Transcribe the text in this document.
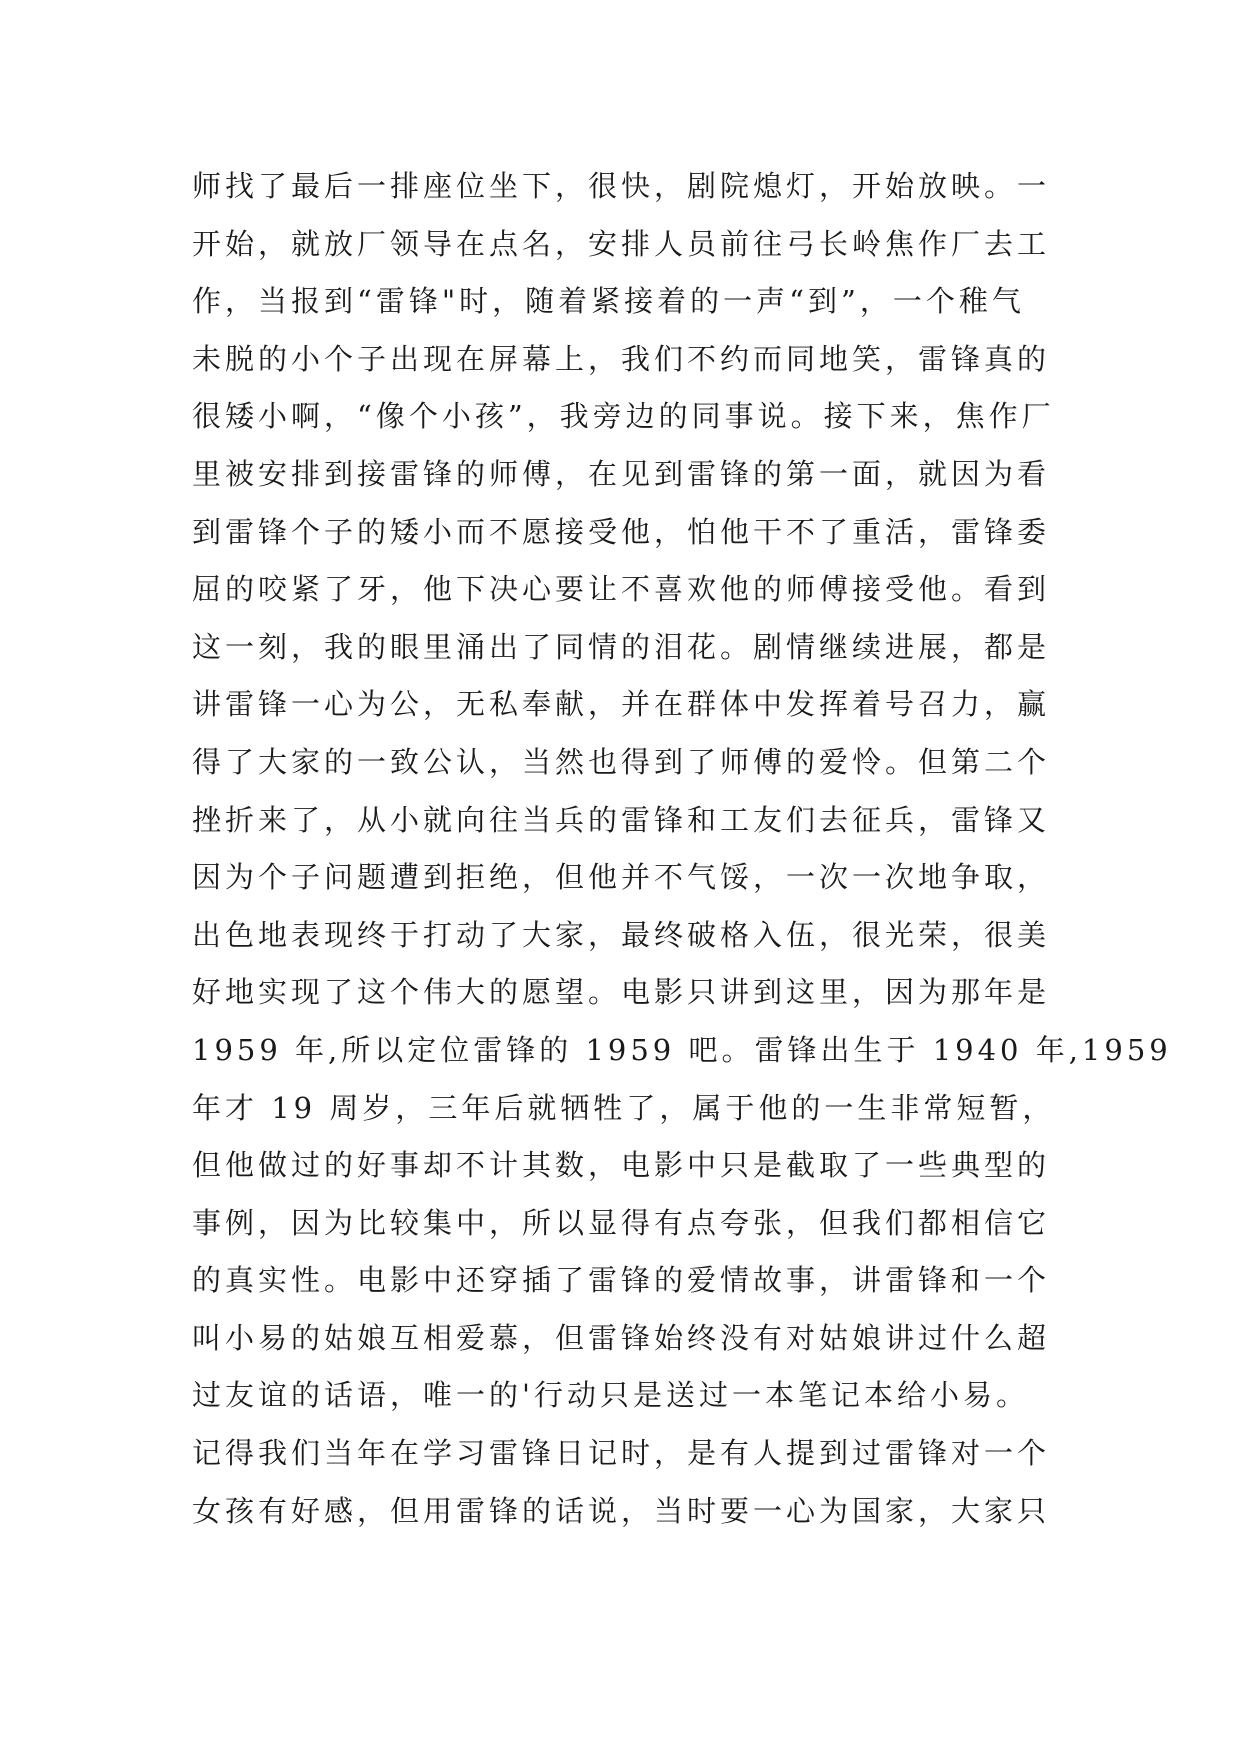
师找了最后一排座位坐下，很快，剧院熄灯，开始放映。一
开始，就放厂领导在点名，安排人员前往弓长岭焦作厂去工
作，当报到“雷锋"时，随着紧接着的一声“到”，一个稚气
未脱的小个子出现在屏幕上，我们不约而同地笑，雷锋真的
很矮小啊，“像个小孩”，我旁边的同事说。接下来，焦作厂
里被安排到接雷锋的师傅，在见到雷锋的第一面，就因为看
到雷锋个子的矮小而不愿接受他，怕他干不了重活，雷锋委
屈的咬紧了牙，他下决心要让不喜欢他的师傅接受他。看到
这一刻，我的眼里涌出了同情的泪花。剧情继续进展，都是
讲雷锋一心为公，无私奉献，并在群体中发挥着号召力，赢
得了大家的一致公认，当然也得到了师傅的爱怜。但第二个
挫折来了，从小就向往当兵的雷锋和工友们去征兵，雷锋又
因为个子问题遭到拒绝，但他并不气馁，一次一次地争取，
出色地表现终于打动了大家，最终破格入伍，很光荣，很美
好地实现了这个伟大的愿望。电影只讲到这里，因为那年是
1959 年,所以定位雷锋的 1959 吧。雷锋出生于 1940 年,1959
年才 19 周岁，三年后就牺牲了，属于他的一生非常短暂，
但他做过的好事却不计其数，电影中只是截取了一些典型的
事例，因为比较集中，所以显得有点夸张，但我们都相信它
的真实性。电影中还穿插了雷锋的爱情故事，讲雷锋和一个
叫小易的姑娘互相爱慕，但雷锋始终没有对姑娘讲过什么超
过友谊的话语，唯一的'行动只是送过一本笔记本给小易。
记得我们当年在学习雷锋日记时，是有人提到过雷锋对一个
女孩有好感，但用雷锋的话说，当时要一心为国家，大家只
